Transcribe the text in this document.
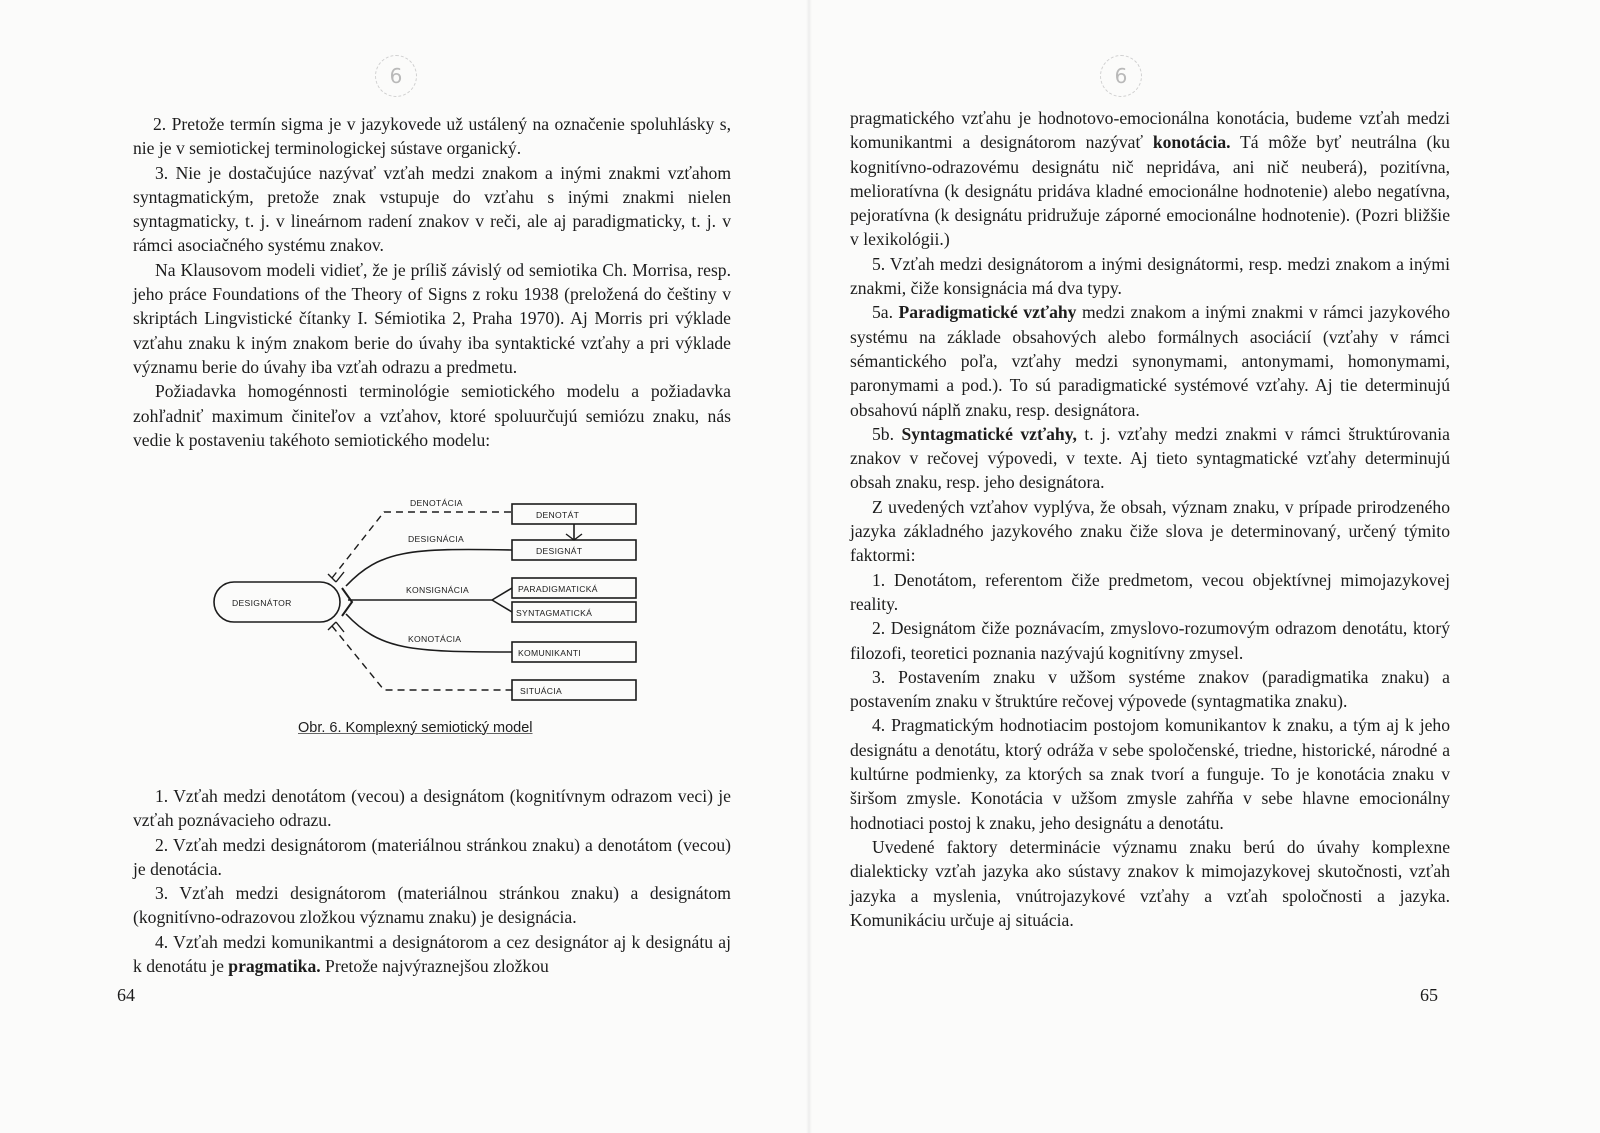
6

2. Pretože termín sigma je v jazykovede už ustálený na označenie spoluhlásky s, nie je v semiotickej terminologickej sústave organický.

3. Nie je dostačujúce nazývať vzťah medzi znakom a inými znakmi vzťahom syntagmatickým, pretože znak vstupuje do vzťahu s inými znakmi nielen syntagmaticky, t. j. v lineárnom radení znakov v reči, ale aj paradigmaticky, t. j. v rámci asociačného systému znakov.

Na Klausovom modeli vidieť, že je príliš závislý od semiotika Ch. Morrisa, resp. jeho práce Foundations of the Theory of Signs z roku 1938 (preložená do češtiny v skriptách Lingvistické čítanky I. Sémiotika 2, Praha 1970). Aj Morris pri výklade vzťahu znaku k iným znakom berie do úvahy iba syntaktické vzťahy a pri výklade významu berie do úvahy iba vzťah odrazu a predmetu.

Požiadavka homogénnosti terminológie semiotického modelu a požiadavka zohľadniť maximum činiteľov a vzťahov, ktoré spoluurčujú semiózu znaku, nás vedie k postaveniu takéhoto semiotického modelu:

DESIGNÁTOR
DENOTÁT
DESIGNÁT
PARADIGMATICKÁ
SYNTAGMATICKÁ
KOMUNIKANTI
SITUÁCIA
DENOTÁCIA
DESIGNÁCIA
KONSIGNÁCIA
KONOTÁCIA
Obr. 6. Komplexný semiotický model

1. Vzťah medzi denotátom (vecou) a designátom (kognitívnym odrazom veci) je vzťah poznávacieho odrazu.

2. Vzťah medzi designátorom (materiálnou stránkou znaku) a denotátom (vecou) je denotácia.

3. Vzťah medzi designátorom (materiálnou stránkou znaku) a designátom (kognitívno-odrazovou zložkou významu znaku) je designácia.

4. Vzťah medzi komunikantmi a designátorom a cez designátor aj k designátu aj k denotátu je pragmatika. Pretože najvýraznejšou zložkou

64
6

pragmatického vzťahu je hodnotovo-emocionálna konotácia, budeme vzťah medzi komunikantmi a designátorom nazývať konotácia. Tá môže byť neutrálna (ku kognitívno-odrazovému designátu nič nepridáva, ani nič neuberá), pozitívna, melioratívna (k designátu pridáva kladné emocionálne hodnotenie) alebo negatívna, pejoratívna (k designátu pridružuje záporné emocionálne hodnotenie). (Pozri bližšie v lexikológii.)

5. Vzťah medzi designátorom a inými designátormi, resp. medzi znakom a inými znakmi, čiže konsignácia má dva typy.

5a. Paradigmatické vzťahy medzi znakom a inými znakmi v rámci jazykového systému na základe obsahových alebo formálnych asociácií (vzťahy v rámci sémantického poľa, vzťahy medzi synonymami, antonymami, homonymami, paronymami a pod.). To sú paradigmatické systémové vzťahy. Aj tie determinujú obsahovú náplň znaku, resp. designátora.

5b. Syntagmatické vzťahy, t. j. vzťahy medzi znakmi v rámci štruktúrovania znakov v rečovej výpovedi, v texte. Aj tieto syntagmatické vzťahy determinujú obsah znaku, resp. jeho designátora.

Z uvedených vzťahov vyplýva, že obsah, význam znaku, v prípade prirodzeného jazyka základného jazykového znaku čiže slova je determinovaný, určený týmito faktormi:

1. Denotátom, referentom čiže predmetom, vecou objektívnej mimojazykovej reality.

2. Designátom čiže poznávacím, zmyslovo-rozumovým odrazom denotátu, ktorý filozofi, teoretici poznania nazývajú kognitívny zmysel.

3. Postavením znaku v užšom systéme znakov (paradigmatika znaku) a postavením znaku v štruktúre rečovej výpovede (syntagmatika znaku).

4. Pragmatickým hodnotiacim postojom komunikantov k znaku, a tým aj k jeho designátu a denotátu, ktorý odráža v sebe spoločenské, triedne, historické, národné a kultúrne podmienky, za ktorých sa znak tvorí a funguje. To je konotácia znaku v širšom zmysle. Konotácia v užšom zmysle zahŕňa v sebe hlavne emocionálny hodnotiaci postoj k znaku, jeho designátu a denotátu.

Uvedené faktory determinácie významu znaku berú do úvahy komplexne dialekticky vzťah jazyka ako sústavy znakov k mimojazykovej skutočnosti, vzťah jazyka a myslenia, vnútrojazykové vzťahy a vzťah spoločnosti a jazyka. Komunikáciu určuje aj situácia.

65
